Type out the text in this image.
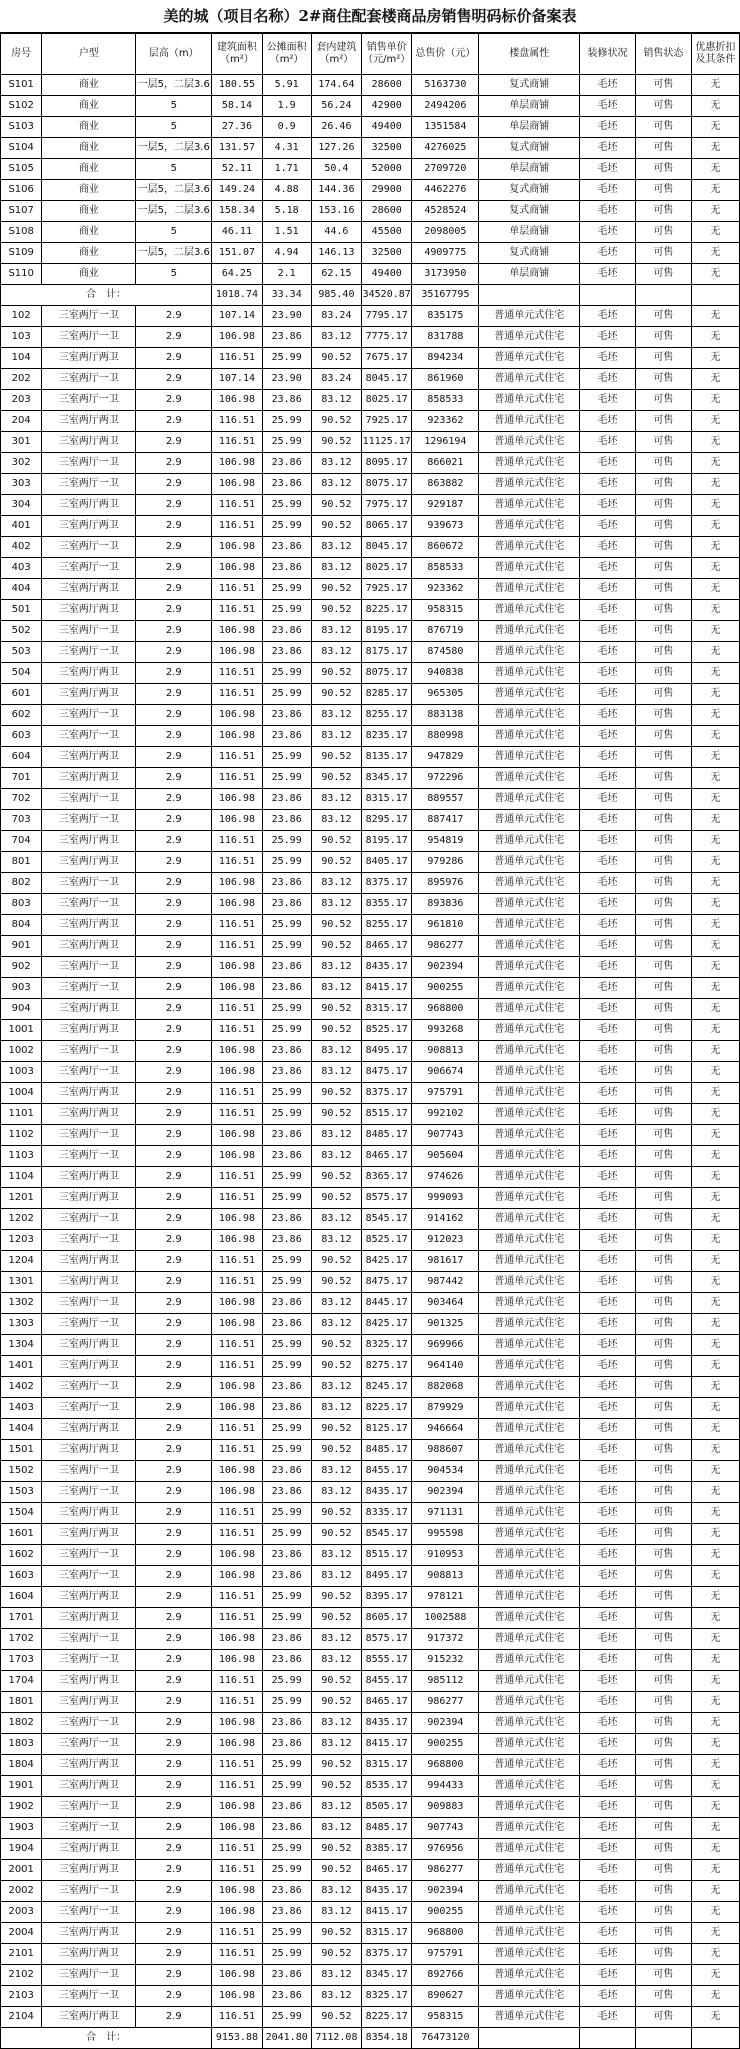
美的城（项目名称）2#商住配套楼商品房销售明码标价备案表
房号	户型	层高（m）	建筑面积（m²）	公摊面积（m²）	套内建筑（m²）	销售单价（元/m²）	总售价（元）	楼盘属性	装修状况	销售状态	优惠折扣及其条件
S101	商业	一层5，二层3.6	180.55	5.91	174.64	28600	5163730	复式商铺	毛坯	可售	无
S102	商业	5	58.14	1.9	56.24	42900	2494206	单层商铺	毛坯	可售	无
S103	商业	5	27.36	0.9	26.46	49400	1351584	单层商铺	毛坯	可售	无
S104	商业	一层5，二层3.6	131.57	4.31	127.26	32500	4276025	复式商铺	毛坯	可售	无
S105	商业	5	52.11	1.71	50.4	52000	2709720	单层商铺	毛坯	可售	无
S106	商业	一层5，二层3.6	149.24	4.88	144.36	29900	4462276	复式商铺	毛坯	可售	无
S107	商业	一层5，二层3.6	158.34	5.18	153.16	28600	4528524	复式商铺	毛坯	可售	无
S108	商业	5	46.11	1.51	44.6	45500	2098005	单层商铺	毛坯	可售	无
S109	商业	一层5，二层3.6	151.07	4.94	146.13	32500	4909775	复式商铺	毛坯	可售	无
S110	商业	5	64.25	2.1	62.15	49400	3173950	单层商铺	毛坯	可售	无
合　计：			1018.74	33.34	985.40	34520.87	35167795				
102	三室两厅一卫	2.9	107.14	23.90	83.24	7795.17	835175	普通单元式住宅	毛坯	可售	无
103	三室两厅一卫	2.9	106.98	23.86	83.12	7775.17	831788	普通单元式住宅	毛坯	可售	无
104	三室两厅两卫	2.9	116.51	25.99	90.52	7675.17	894234	普通单元式住宅	毛坯	可售	无
202	三室两厅一卫	2.9	107.14	23.90	83.24	8045.17	861960	普通单元式住宅	毛坯	可售	无
203	三室两厅一卫	2.9	106.98	23.86	83.12	8025.17	858533	普通单元式住宅	毛坯	可售	无
204	三室两厅两卫	2.9	116.51	25.99	90.52	7925.17	923362	普通单元式住宅	毛坯	可售	无
301	三室两厅两卫	2.9	116.51	25.99	90.52	11125.17	1296194	普通单元式住宅	毛坯	可售	无
302	三室两厅一卫	2.9	106.98	23.86	83.12	8095.17	866021	普通单元式住宅	毛坯	可售	无
303	三室两厅一卫	2.9	106.98	23.86	83.12	8075.17	863882	普通单元式住宅	毛坯	可售	无
304	三室两厅两卫	2.9	116.51	25.99	90.52	7975.17	929187	普通单元式住宅	毛坯	可售	无
401	三室两厅两卫	2.9	116.51	25.99	90.52	8065.17	939673	普通单元式住宅	毛坯	可售	无
402	三室两厅一卫	2.9	106.98	23.86	83.12	8045.17	860672	普通单元式住宅	毛坯	可售	无
403	三室两厅一卫	2.9	106.98	23.86	83.12	8025.17	858533	普通单元式住宅	毛坯	可售	无
404	三室两厅两卫	2.9	116.51	25.99	90.52	7925.17	923362	普通单元式住宅	毛坯	可售	无
501	三室两厅两卫	2.9	116.51	25.99	90.52	8225.17	958315	普通单元式住宅	毛坯	可售	无
502	三室两厅一卫	2.9	106.98	23.86	83.12	8195.17	876719	普通单元式住宅	毛坯	可售	无
503	三室两厅一卫	2.9	106.98	23.86	83.12	8175.17	874580	普通单元式住宅	毛坯	可售	无
504	三室两厅两卫	2.9	116.51	25.99	90.52	8075.17	940838	普通单元式住宅	毛坯	可售	无
601	三室两厅两卫	2.9	116.51	25.99	90.52	8285.17	965305	普通单元式住宅	毛坯	可售	无
602	三室两厅一卫	2.9	106.98	23.86	83.12	8255.17	883138	普通单元式住宅	毛坯	可售	无
603	三室两厅一卫	2.9	106.98	23.86	83.12	8235.17	880998	普通单元式住宅	毛坯	可售	无
604	三室两厅两卫	2.9	116.51	25.99	90.52	8135.17	947829	普通单元式住宅	毛坯	可售	无
701	三室两厅两卫	2.9	116.51	25.99	90.52	8345.17	972296	普通单元式住宅	毛坯	可售	无
702	三室两厅一卫	2.9	106.98	23.86	83.12	8315.17	889557	普通单元式住宅	毛坯	可售	无
703	三室两厅一卫	2.9	106.98	23.86	83.12	8295.17	887417	普通单元式住宅	毛坯	可售	无
704	三室两厅两卫	2.9	116.51	25.99	90.52	8195.17	954819	普通单元式住宅	毛坯	可售	无
801	三室两厅两卫	2.9	116.51	25.99	90.52	8405.17	979286	普通单元式住宅	毛坯	可售	无
802	三室两厅一卫	2.9	106.98	23.86	83.12	8375.17	895976	普通单元式住宅	毛坯	可售	无
803	三室两厅一卫	2.9	106.98	23.86	83.12	8355.17	893836	普通单元式住宅	毛坯	可售	无
804	三室两厅两卫	2.9	116.51	25.99	90.52	8255.17	961810	普通单元式住宅	毛坯	可售	无
901	三室两厅两卫	2.9	116.51	25.99	90.52	8465.17	986277	普通单元式住宅	毛坯	可售	无
902	三室两厅一卫	2.9	106.98	23.86	83.12	8435.17	902394	普通单元式住宅	毛坯	可售	无
903	三室两厅一卫	2.9	106.98	23.86	83.12	8415.17	900255	普通单元式住宅	毛坯	可售	无
904	三室两厅两卫	2.9	116.51	25.99	90.52	8315.17	968800	普通单元式住宅	毛坯	可售	无
1001	三室两厅两卫	2.9	116.51	25.99	90.52	8525.17	993268	普通单元式住宅	毛坯	可售	无
1002	三室两厅一卫	2.9	106.98	23.86	83.12	8495.17	908813	普通单元式住宅	毛坯	可售	无
1003	三室两厅一卫	2.9	106.98	23.86	83.12	8475.17	906674	普通单元式住宅	毛坯	可售	无
1004	三室两厅两卫	2.9	116.51	25.99	90.52	8375.17	975791	普通单元式住宅	毛坯	可售	无
1101	三室两厅两卫	2.9	116.51	25.99	90.52	8515.17	992102	普通单元式住宅	毛坯	可售	无
1102	三室两厅一卫	2.9	106.98	23.86	83.12	8485.17	907743	普通单元式住宅	毛坯	可售	无
1103	三室两厅一卫	2.9	106.98	23.86	83.12	8465.17	905604	普通单元式住宅	毛坯	可售	无
1104	三室两厅两卫	2.9	116.51	25.99	90.52	8365.17	974626	普通单元式住宅	毛坯	可售	无
1201	三室两厅两卫	2.9	116.51	25.99	90.52	8575.17	999093	普通单元式住宅	毛坯	可售	无
1202	三室两厅一卫	2.9	106.98	23.86	83.12	8545.17	914162	普通单元式住宅	毛坯	可售	无
1203	三室两厅一卫	2.9	106.98	23.86	83.12	8525.17	912023	普通单元式住宅	毛坯	可售	无
1204	三室两厅两卫	2.9	116.51	25.99	90.52	8425.17	981617	普通单元式住宅	毛坯	可售	无
1301	三室两厅两卫	2.9	116.51	25.99	90.52	8475.17	987442	普通单元式住宅	毛坯	可售	无
1302	三室两厅一卫	2.9	106.98	23.86	83.12	8445.17	903464	普通单元式住宅	毛坯	可售	无
1303	三室两厅一卫	2.9	106.98	23.86	83.12	8425.17	901325	普通单元式住宅	毛坯	可售	无
1304	三室两厅两卫	2.9	116.51	25.99	90.52	8325.17	969966	普通单元式住宅	毛坯	可售	无
1401	三室两厅两卫	2.9	116.51	25.99	90.52	8275.17	964140	普通单元式住宅	毛坯	可售	无
1402	三室两厅一卫	2.9	106.98	23.86	83.12	8245.17	882068	普通单元式住宅	毛坯	可售	无
1403	三室两厅一卫	2.9	106.98	23.86	83.12	8225.17	879929	普通单元式住宅	毛坯	可售	无
1404	三室两厅两卫	2.9	116.51	25.99	90.52	8125.17	946664	普通单元式住宅	毛坯	可售	无
1501	三室两厅两卫	2.9	116.51	25.99	90.52	8485.17	988607	普通单元式住宅	毛坯	可售	无
1502	三室两厅一卫	2.9	106.98	23.86	83.12	8455.17	904534	普通单元式住宅	毛坯	可售	无
1503	三室两厅一卫	2.9	106.98	23.86	83.12	8435.17	902394	普通单元式住宅	毛坯	可售	无
1504	三室两厅两卫	2.9	116.51	25.99	90.52	8335.17	971131	普通单元式住宅	毛坯	可售	无
1601	三室两厅两卫	2.9	116.51	25.99	90.52	8545.17	995598	普通单元式住宅	毛坯	可售	无
1602	三室两厅一卫	2.9	106.98	23.86	83.12	8515.17	910953	普通单元式住宅	毛坯	可售	无
1603	三室两厅一卫	2.9	106.98	23.86	83.12	8495.17	908813	普通单元式住宅	毛坯	可售	无
1604	三室两厅两卫	2.9	116.51	25.99	90.52	8395.17	978121	普通单元式住宅	毛坯	可售	无
1701	三室两厅两卫	2.9	116.51	25.99	90.52	8605.17	1002588	普通单元式住宅	毛坯	可售	无
1702	三室两厅一卫	2.9	106.98	23.86	83.12	8575.17	917372	普通单元式住宅	毛坯	可售	无
1703	三室两厅一卫	2.9	106.98	23.86	83.12	8555.17	915232	普通单元式住宅	毛坯	可售	无
1704	三室两厅两卫	2.9	116.51	25.99	90.52	8455.17	985112	普通单元式住宅	毛坯	可售	无
1801	三室两厅两卫	2.9	116.51	25.99	90.52	8465.17	986277	普通单元式住宅	毛坯	可售	无
1802	三室两厅一卫	2.9	106.98	23.86	83.12	8435.17	902394	普通单元式住宅	毛坯	可售	无
1803	三室两厅一卫	2.9	106.98	23.86	83.12	8415.17	900255	普通单元式住宅	毛坯	可售	无
1804	三室两厅两卫	2.9	116.51	25.99	90.52	8315.17	968800	普通单元式住宅	毛坯	可售	无
1901	三室两厅两卫	2.9	116.51	25.99	90.52	8535.17	994433	普通单元式住宅	毛坯	可售	无
1902	三室两厅一卫	2.9	106.98	23.86	83.12	8505.17	909883	普通单元式住宅	毛坯	可售	无
1903	三室两厅一卫	2.9	106.98	23.86	83.12	8485.17	907743	普通单元式住宅	毛坯	可售	无
1904	三室两厅两卫	2.9	116.51	25.99	90.52	8385.17	976956	普通单元式住宅	毛坯	可售	无
2001	三室两厅两卫	2.9	116.51	25.99	90.52	8465.17	986277	普通单元式住宅	毛坯	可售	无
2002	三室两厅一卫	2.9	106.98	23.86	83.12	8435.17	902394	普通单元式住宅	毛坯	可售	无
2003	三室两厅一卫	2.9	106.98	23.86	83.12	8415.17	900255	普通单元式住宅	毛坯	可售	无
2004	三室两厅两卫	2.9	116.51	25.99	90.52	8315.17	968800	普通单元式住宅	毛坯	可售	无
2101	三室两厅两卫	2.9	116.51	25.99	90.52	8375.17	975791	普通单元式住宅	毛坯	可售	无
2102	三室两厅一卫	2.9	106.98	23.86	83.12	8345.17	892766	普通单元式住宅	毛坯	可售	无
2103	三室两厅一卫	2.9	106.98	23.86	83.12	8325.17	890627	普通单元式住宅	毛坯	可售	无
2104	三室两厅两卫	2.9	116.51	25.99	90.52	8225.17	958315	普通单元式住宅	毛坯	可售	无
合　计：			9153.88	2041.80	7112.08	8354.18	76473120				
